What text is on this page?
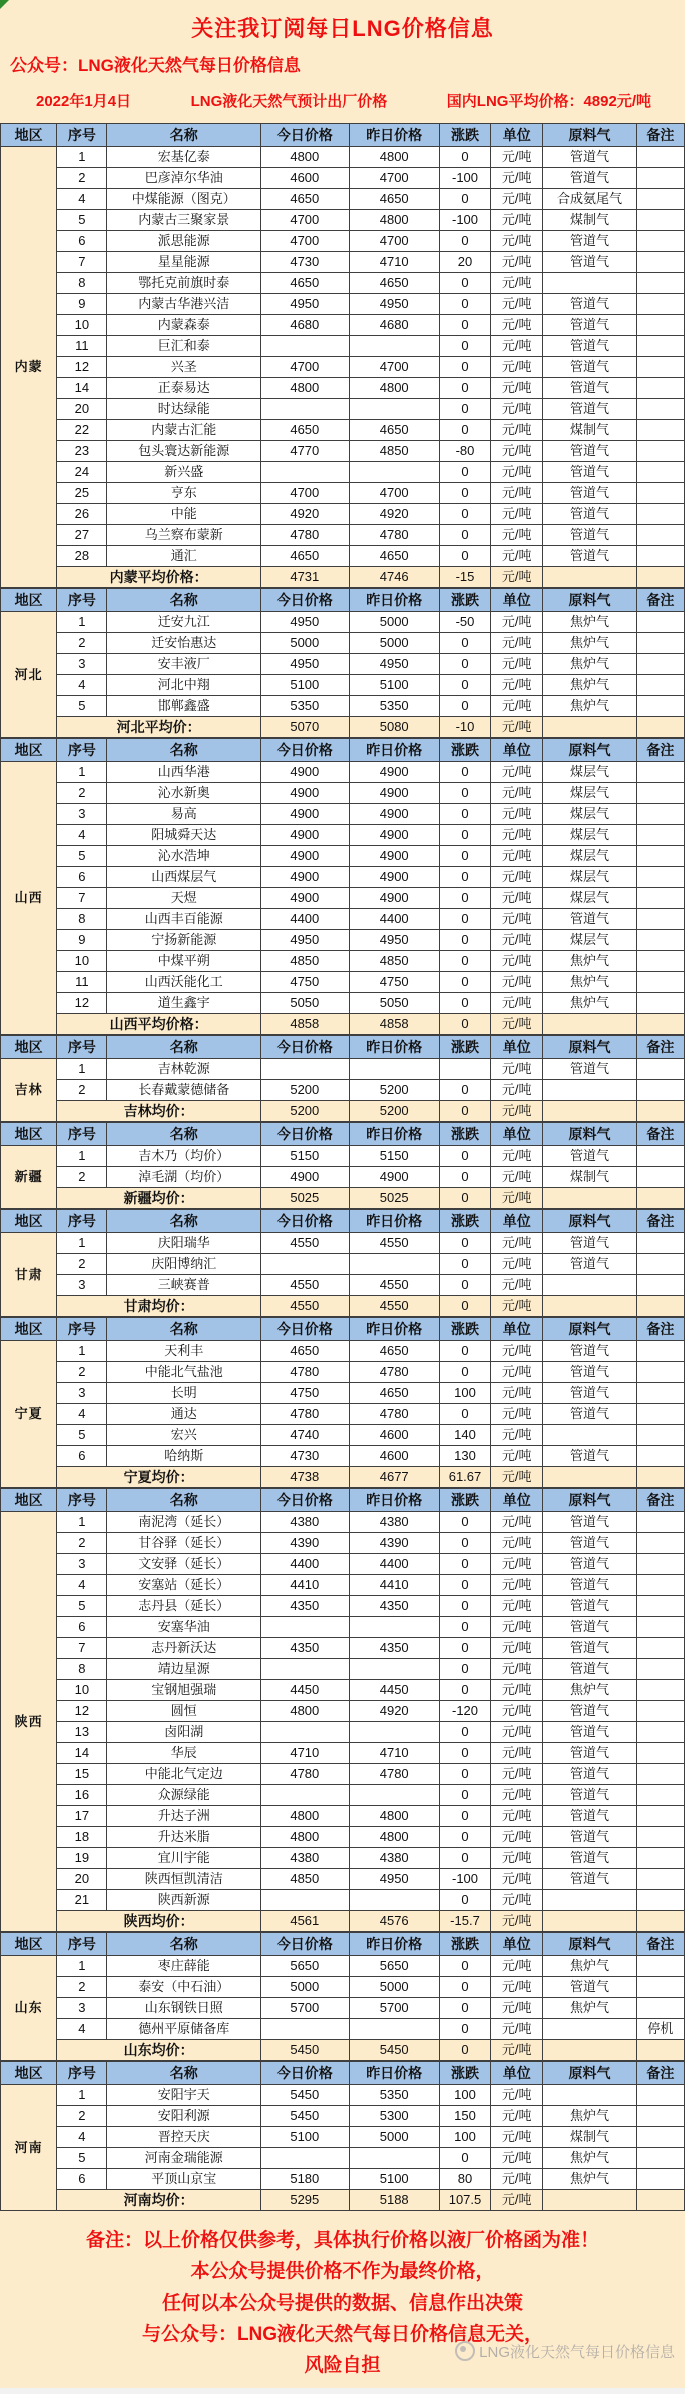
关注我订阅每日LNG价格信息
公众号：LNG液化天然气每日价格信息
2022年1月4日	LNG液化天然气预计出厂价格	国内LNG平均价格：4892元/吨
地区	序号	名称	今日价格	昨日价格	涨跌	单位	原料气	备注
内蒙	1	宏基亿泰	4800	4800	0	元/吨	管道气	
	2	巴彦淖尔华油	4600	4700	-100	元/吨	管道气	
	4	中煤能源（图克）	4650	4650	0	元/吨	合成氨尾气	
	5	内蒙古三聚家景	4700	4800	-100	元/吨	煤制气	
	6	派思能源	4700	4700	0	元/吨	管道气	
	7	星星能源	4730	4710	20	元/吨	管道气	
	8	鄂托克前旗时泰	4650	4650	0	元/吨		
	9	内蒙古华港兴洁	4950	4950	0	元/吨	管道气	
	10	内蒙森泰	4680	4680	0	元/吨	管道气	
	11	巨汇和泰			0	元/吨	管道气	
	12	兴圣	4700	4700	0	元/吨	管道气	
	14	正泰易达	4800	4800	0	元/吨	管道气	
	20	时达绿能			0	元/吨	管道气	
	22	内蒙古汇能	4650	4650	0	元/吨	煤制气	
	23	包头寰达新能源	4770	4850	-80	元/吨	管道气	
	24	新兴盛			0	元/吨	管道气	
	25	亨东	4700	4700	0	元/吨	管道气	
	26	中能	4920	4920	0	元/吨	管道气	
	27	乌兰察布蒙新	4780	4780	0	元/吨	管道气	
	28	通汇	4650	4650	0	元/吨	管道气	
	内蒙平均价格：		4731	4746	-15	元/吨		
地区	序号	名称	今日价格	昨日价格	涨跌	单位	原料气	备注
河北	1	迁安九江	4950	5000	-50	元/吨	焦炉气	
	2	迁安怡惠达	5000	5000	0	元/吨	焦炉气	
	3	安丰液厂	4950	4950	0	元/吨	焦炉气	
	4	河北中翔	5100	5100	0	元/吨	焦炉气	
	5	邯郸鑫盛	5350	5350	0	元/吨	焦炉气	
	河北平均价：		5070	5080	-10	元/吨		
地区	序号	名称	今日价格	昨日价格	涨跌	单位	原料气	备注
山西	1	山西华港	4900	4900	0	元/吨	煤层气	
	2	沁水新奥	4900	4900	0	元/吨	煤层气	
	3	易高	4900	4900	0	元/吨	煤层气	
	4	阳城舜天达	4900	4900	0	元/吨	煤层气	
	5	沁水浩坤	4900	4900	0	元/吨	煤层气	
	6	山西煤层气	4900	4900	0	元/吨	煤层气	
	7	天煜	4900	4900	0	元/吨	煤层气	
	8	山西丰百能源	4400	4400	0	元/吨	管道气	
	9	宁扬新能源	4950	4950	0	元/吨	煤层气	
	10	中煤平朔	4850	4850	0	元/吨	焦炉气	
	11	山西沃能化工	4750	4750	0	元/吨	焦炉气	
	12	道生鑫宇	5050	5050	0	元/吨	焦炉气	
	山西平均价格：		4858	4858	0	元/吨		
地区	序号	名称	今日价格	昨日价格	涨跌	单位	原料气	备注
吉林	1	吉林乾源				元/吨	管道气	
	2	长春戴蒙德储备	5200	5200	0	元/吨		
	吉林均价：		5200	5200	0	元/吨		
地区	序号	名称	今日价格	昨日价格	涨跌	单位	原料气	备注
新疆	1	吉木乃（均价）	5150	5150	0	元/吨	管道气	
	2	淖毛湖（均价）	4900	4900	0	元/吨	煤制气	
	新疆均价：		5025	5025	0	元/吨		
地区	序号	名称	今日价格	昨日价格	涨跌	单位	原料气	备注
甘肃	1	庆阳瑞华	4550	4550	0	元/吨	管道气	
	2	庆阳博纳汇			0	元/吨	管道气	
	3	三峡赛普	4550	4550	0	元/吨		
	甘肃均价：		4550	4550	0	元/吨		
地区	序号	名称	今日价格	昨日价格	涨跌	单位	原料气	备注
宁夏	1	天利丰	4650	4650	0	元/吨	管道气	
	2	中能北气盐池	4780	4780	0	元/吨	管道气	
	3	长明	4750	4650	100	元/吨	管道气	
	4	通达	4780	4780	0	元/吨	管道气	
	5	宏兴	4740	4600	140	元/吨		
	6	哈纳斯	4730	4600	130	元/吨	管道气	
	宁夏均价：		4738	4677	61.67	元/吨		
地区	序号	名称	今日价格	昨日价格	涨跌	单位	原料气	备注
陕西	1	南泥湾（延长）	4380	4380	0	元/吨	管道气	
	2	甘谷驿（延长）	4390	4390	0	元/吨	管道气	
	3	文安驿（延长）	4400	4400	0	元/吨	管道气	
	4	安塞站（延长）	4410	4410	0	元/吨	管道气	
	5	志丹县（延长）	4350	4350	0	元/吨	管道气	
	6	安塞华油			0	元/吨	管道气	
	7	志丹新沃达	4350	4350	0	元/吨	管道气	
	8	靖边星源			0	元/吨	管道气	
	10	宝钢旭强瑞	4450	4450	0	元/吨	焦炉气	
	12	圆恒	4800	4920	-120	元/吨	管道气	
	13	卤阳湖			0	元/吨	管道气	
	14	华辰	4710	4710	0	元/吨	管道气	
	15	中能北气定边	4780	4780	0	元/吨	管道气	
	16	众源绿能			0	元/吨	管道气	
	17	升达子洲	4800	4800	0	元/吨	管道气	
	18	升达米脂	4800	4800	0	元/吨	管道气	
	19	宜川宇能	4380	4380	0	元/吨	管道气	
	20	陕西恒凯清洁	4850	4950	-100	元/吨	管道气	
	21	陕西新源			0	元/吨		
	陕西均价：		4561	4576	-15.7	元/吨		
地区	序号	名称	今日价格	昨日价格	涨跌	单位	原料气	备注
山东	1	枣庄薛能	5650	5650	0	元/吨	焦炉气	
	2	泰安（中石油）	5000	5000	0	元/吨	管道气	
	3	山东钢铁日照	5700	5700	0	元/吨	焦炉气	
	4	德州平原储备库			0	元/吨		停机
	山东均价：		5450	5450	0	元/吨		
地区	序号	名称	今日价格	昨日价格	涨跌	单位	原料气	备注
河南	1	安阳宇天	5450	5350	100	元/吨		
	2	安阳利源	5450	5300	150	元/吨	焦炉气	
	4	晋控天庆	5100	5000	100	元/吨	煤制气	
	5	河南金瑞能源			0	元/吨	焦炉气	
	6	平顶山京宝	5180	5100	80	元/吨	焦炉气	
	河南均价：		5295	5188	107.5	元/吨		
备注：以上价格仅供参考，具体执行价格以液厂价格函为准！
本公众号提供价格不作为最终价格，
任何以本公众号提供的数据、信息作出决策
与公众号：LNG液化天然气每日价格信息无关，
风险自担
LNG液化天然气每日价格信息
